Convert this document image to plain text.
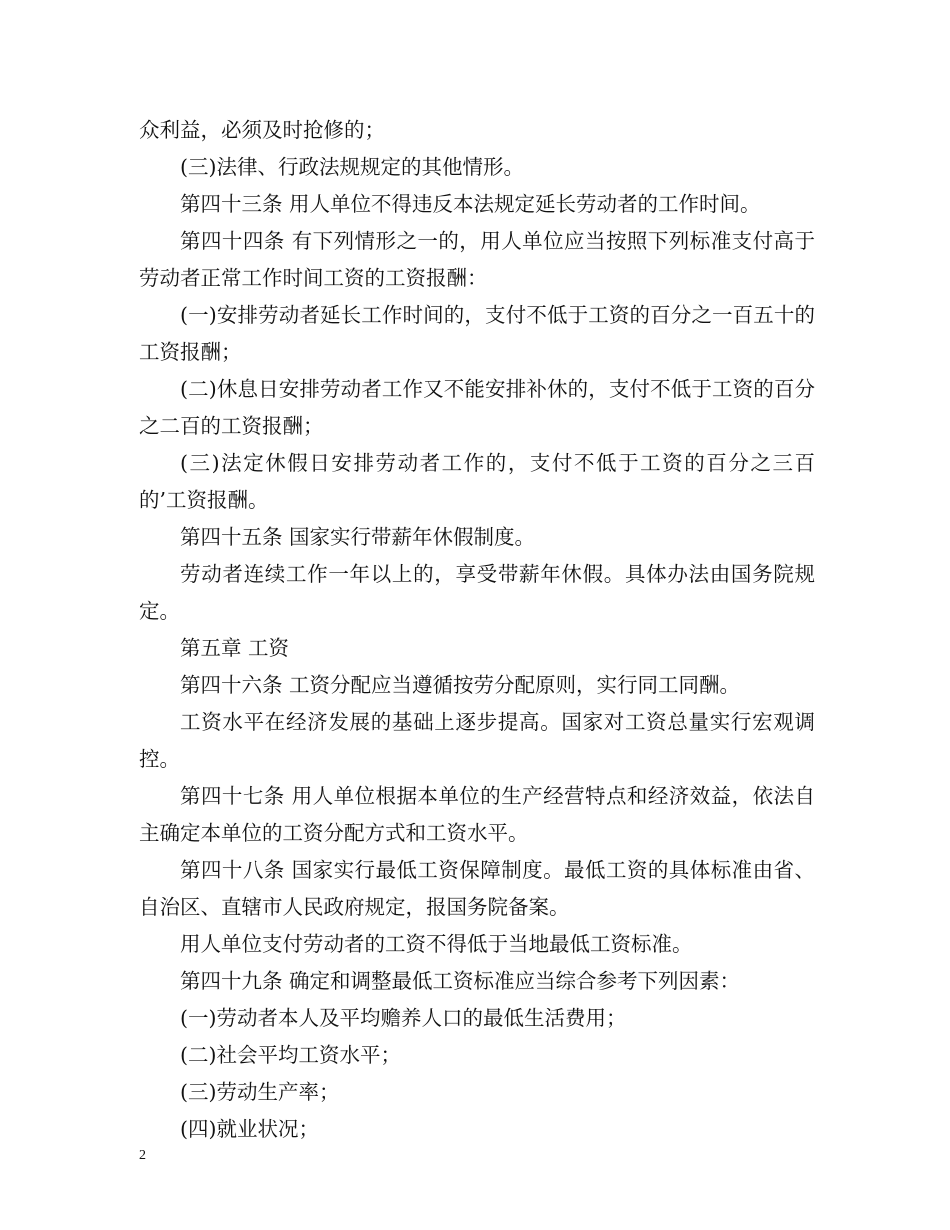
众利益，必须及时抢修的；

(三)法律、行政法规规定的其他情形。

第四十三条 用人单位不得违反本法规定延长劳动者的工作时间。

第四十四条 有下列情形之一的，用人单位应当按照下列标准支付高于劳动者正常工作时间工资的工资报酬：

(一)安排劳动者延长工作时间的，支付不低于工资的百分之一百五十的工资报酬；

(二)休息日安排劳动者工作又不能安排补休的，支付不低于工资的百分之二百的工资报酬；

(三)法定休假日安排劳动者工作的，支付不低于工资的百分之三百的’工资报酬。

第四十五条 国家实行带薪年休假制度。

劳动者连续工作一年以上的，享受带薪年休假。具体办法由国务院规定。

第五章 工资

第四十六条 工资分配应当遵循按劳分配原则，实行同工同酬。

工资水平在经济发展的基础上逐步提高。国家对工资总量实行宏观调控。

第四十七条 用人单位根据本单位的生产经营特点和经济效益，依法自主确定本单位的工资分配方式和工资水平。

第四十八条 国家实行最低工资保障制度。最低工资的具体标准由省、自治区、直辖市人民政府规定，报国务院备案。

用人单位支付劳动者的工资不得低于当地最低工资标准。

第四十九条 确定和调整最低工资标准应当综合参考下列因素：

(一)劳动者本人及平均赡养人口的最低生活费用；

(二)社会平均工资水平；

(三)劳动生产率；

(四)就业状况；

2
